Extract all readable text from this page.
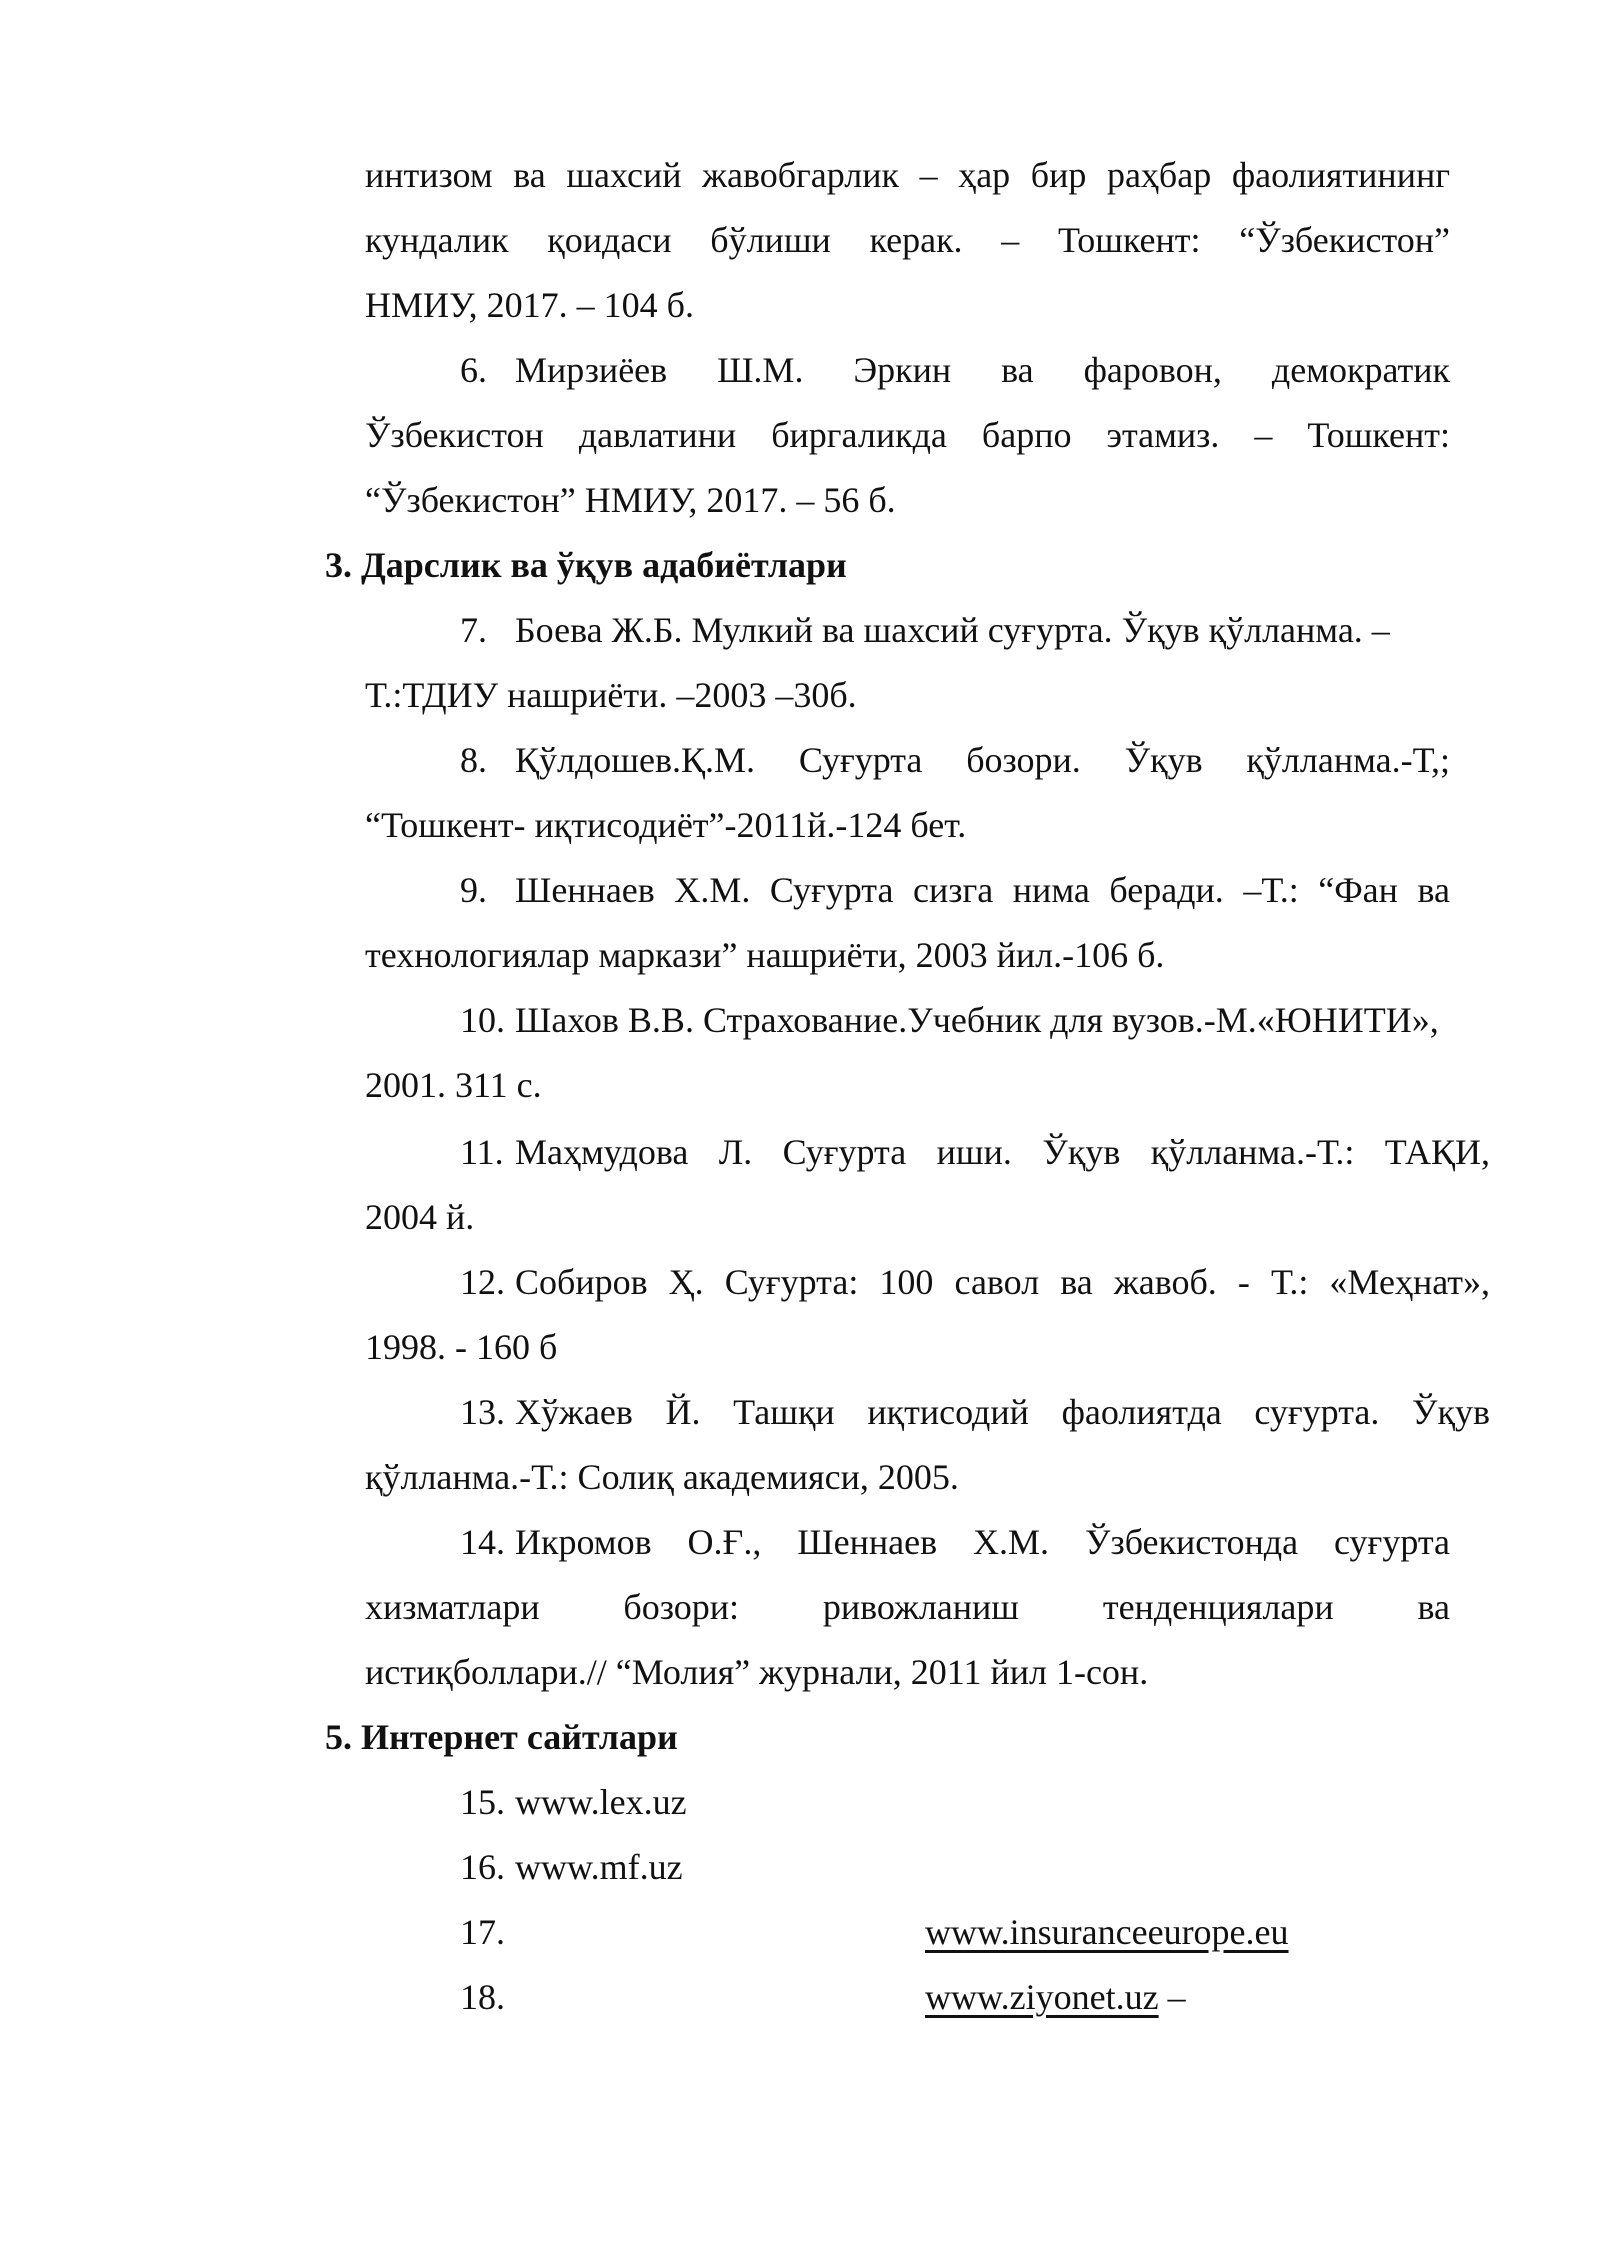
интизом ва шахсий жавобгарлик – ҳар бир раҳбар фаолиятининг
кундалик қоидаси бўлиши керак. – Тошкент: “Ўзбекистон”
НМИУ, 2017. – 104 б.
6. Мирзиёев Ш.М. Эркин ва фаровон, демократик
Ўзбекистон давлатини биргаликда барпо этамиз. – Тошкент:
“Ўзбекистон” НМИУ, 2017. – 56 б.
3. Дарслик ва ўқув адабиётлари
7. Боева Ж.Б. Мулкий ва шахсий суғурта. Ўқув қўлланма. –
Т.:ТДИУ нашриёти. –2003 –30б.
8. Қўлдошев.Қ.М. Суғурта бозори. Ўқув қўлланма.-Т,;
“Тошкент- иқтисодиёт”-2011й.-124 бет.
9. Шеннаев Х.М. Суғурта сизга нима беради. –Т.: “Фан ва
технологиялар маркази” нашриёти, 2003 йил.-106 б.
10. Шахов В.В. Страхование.Учебник для вузов.-М.«ЮНИТИ»,
2001. 311 с.
11. Маҳмудова Л. Суғурта иши. Ўқув қўлланма.-Т.: ТАҚИ,
2004 й.
12. Собиров Ҳ. Суғурта: 100 савол ва жавоб. - Т.: «Меҳнат»,
1998. - 160 б
13. Хўжаев Й. Ташқи иқтисодий фаолиятда суғурта. Ўқув
қўлланма.-Т.: Солиқ академияси, 2005.
14. Икромов О.Ғ., Шеннаев Х.М. Ўзбекистонда суғурта
хизматлари бозори: ривожланиш тенденциялари ва
истиқболлари.// “Молия” журнали, 2011 йил 1-сон.
5. Интернет сайтлари
15. www.lex.uz
16. www.mf.uz
17.	www.insuranceeurope.eu
18.	www.ziyonet.uz –
